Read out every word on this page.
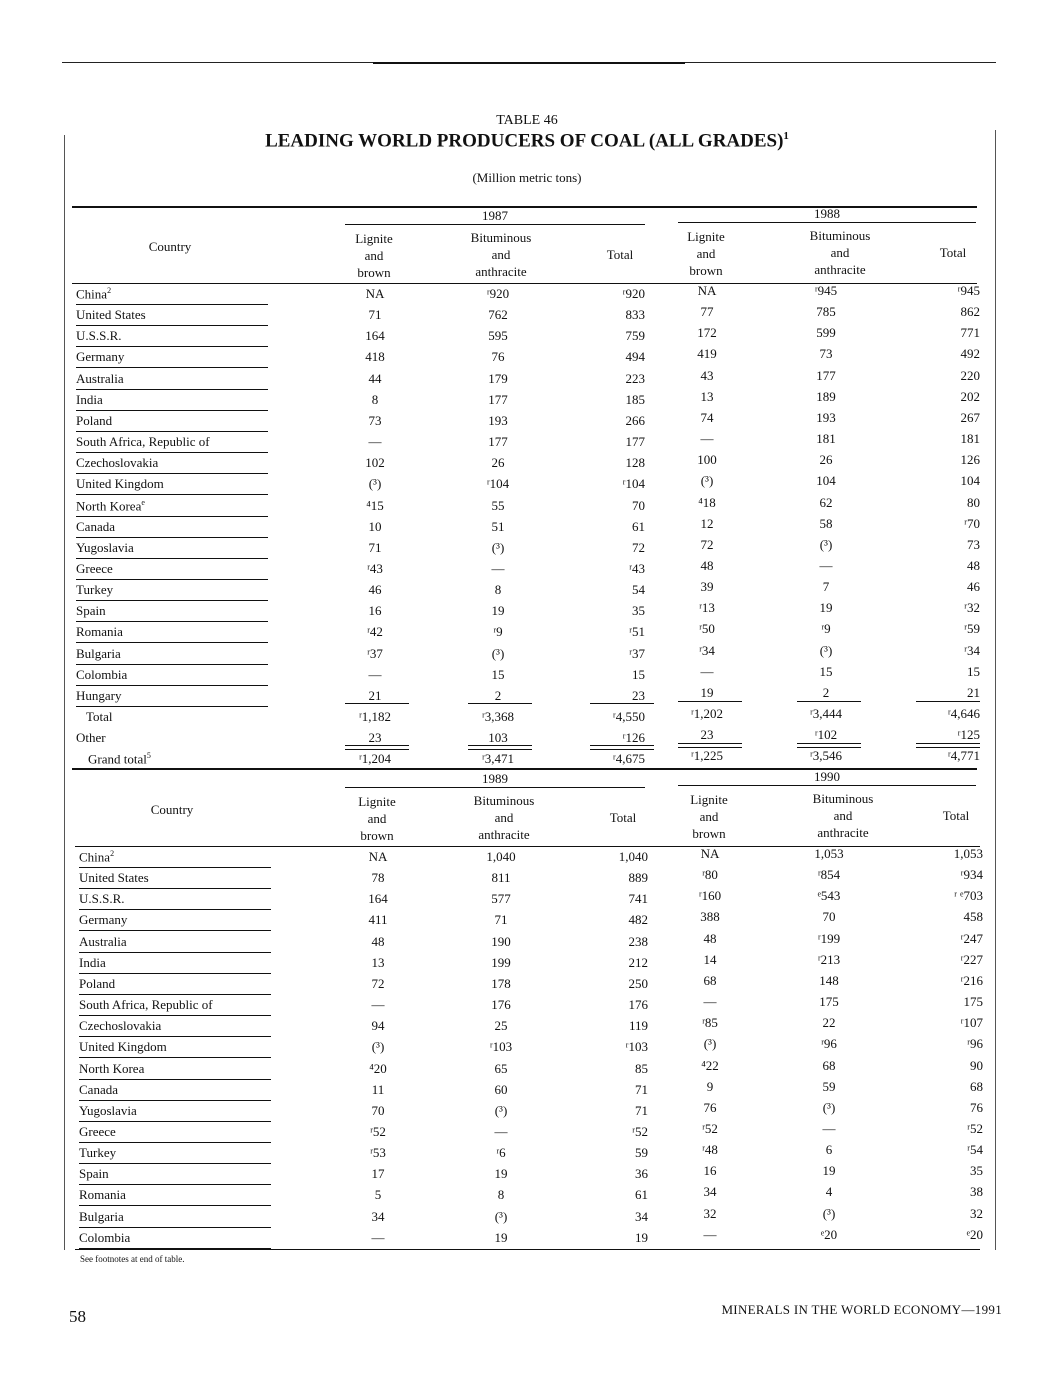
TABLE 46
LEADING WORLD PRODUCERS OF COAL (ALL GRADES)$^1$
(Million metric tons)
1987	1988
Country
Lignite
and
brown
Bituminous
and
anthracite
Total
Lignite
and
brown
Bituminous
and
anthracite
Total
China$^2$	NA	ʳ920	ʳ920	NA	ʳ945	ʳ945
United States	71	762	833	77	785	862
U.S.S.R.	164	595	759	172	599	771
Germany	418	76	494	419	73	492
Australia	44	179	223	43	177	220
India	8	177	185	13	189	202
Poland	73	193	266	74	193	267
South Africa, Republic of	—	177	177	—	181	181
Czechoslovakia	102	26	128	100	26	126
United Kingdom	(³)	ʳ104	ʳ104	(³)	104	104
North Korea$^e$	⁴15	55	70	⁴18	62	80
Canada	10	51	61	12	58	ʳ70
Yugoslavia	71	(³)	72	72	(³)	73
Greece	ʳ43	—	ʳ43	48	—	48
Turkey	46	8	54	39	7	46
Spain	16	19	35	ʳ13	19	ʳ32
Romania	ʳ42	ʳ9	ʳ51	ʳ50	ʳ9	ʳ59
Bulgaria	ʳ37	(³)	ʳ37	ʳ34	(³)	ʳ34
Colombia	—	15	15	—	15	15
Hungary	21	2	23	19	2	21
Total	ʳ1,182	ʳ3,368	ʳ4,550	ʳ1,202	ʳ3,444	ʳ4,646
Other	23	103	ʳ126	23	ʳ102	ʳ125
Grand total$^5$	ʳ1,204	ʳ3,471	ʳ4,675	ʳ1,225	ʳ3,546	ʳ4,771
1989	1990
Country
Lignite
and
brown
Bituminous
and
anthracite
Total
Lignite
and
brown
Bituminous
and
anthracite
Total
China$^2$	NA	1,040	1,040	NA	1,053	1,053
United States	78	811	889	ʳ80	ʳ854	ʳ934
U.S.S.R.	164	577	741	ʳ160	ᵉ543	ʳ ᵉ703
Germany	411	71	482	388	70	458
Australia	48	190	238	48	ʳ199	ʳ247
India	13	199	212	14	ʳ213	ʳ227
Poland	72	178	250	68	148	ʳ216
South Africa, Republic of	—	176	176	—	175	175
Czechoslovakia	94	25	119	ʳ85	22	ʳ107
United Kingdom	(³)	ʳ103	ʳ103	(³)	ʳ96	ʳ96
North Korea	⁴20	65	85	⁴22	68	90
Canada	11	60	71	9	59	68
Yugoslavia	70	(³)	71	76	(³)	76
Greece	ʳ52	—	ʳ52	ʳ52	—	ʳ52
Turkey	ʳ53	ʳ6	59	ʳ48	6	ʳ54
Spain	17	19	36	16	19	35
Romania	5	8	61	34	4	38
Bulgaria	34	(³)	34	32	(³)	32
Colombia	—	19	19	—	ᵉ20	ᵉ20
See footnotes at end of table.
58	MINERALS IN THE WORLD ECONOMY—1991
